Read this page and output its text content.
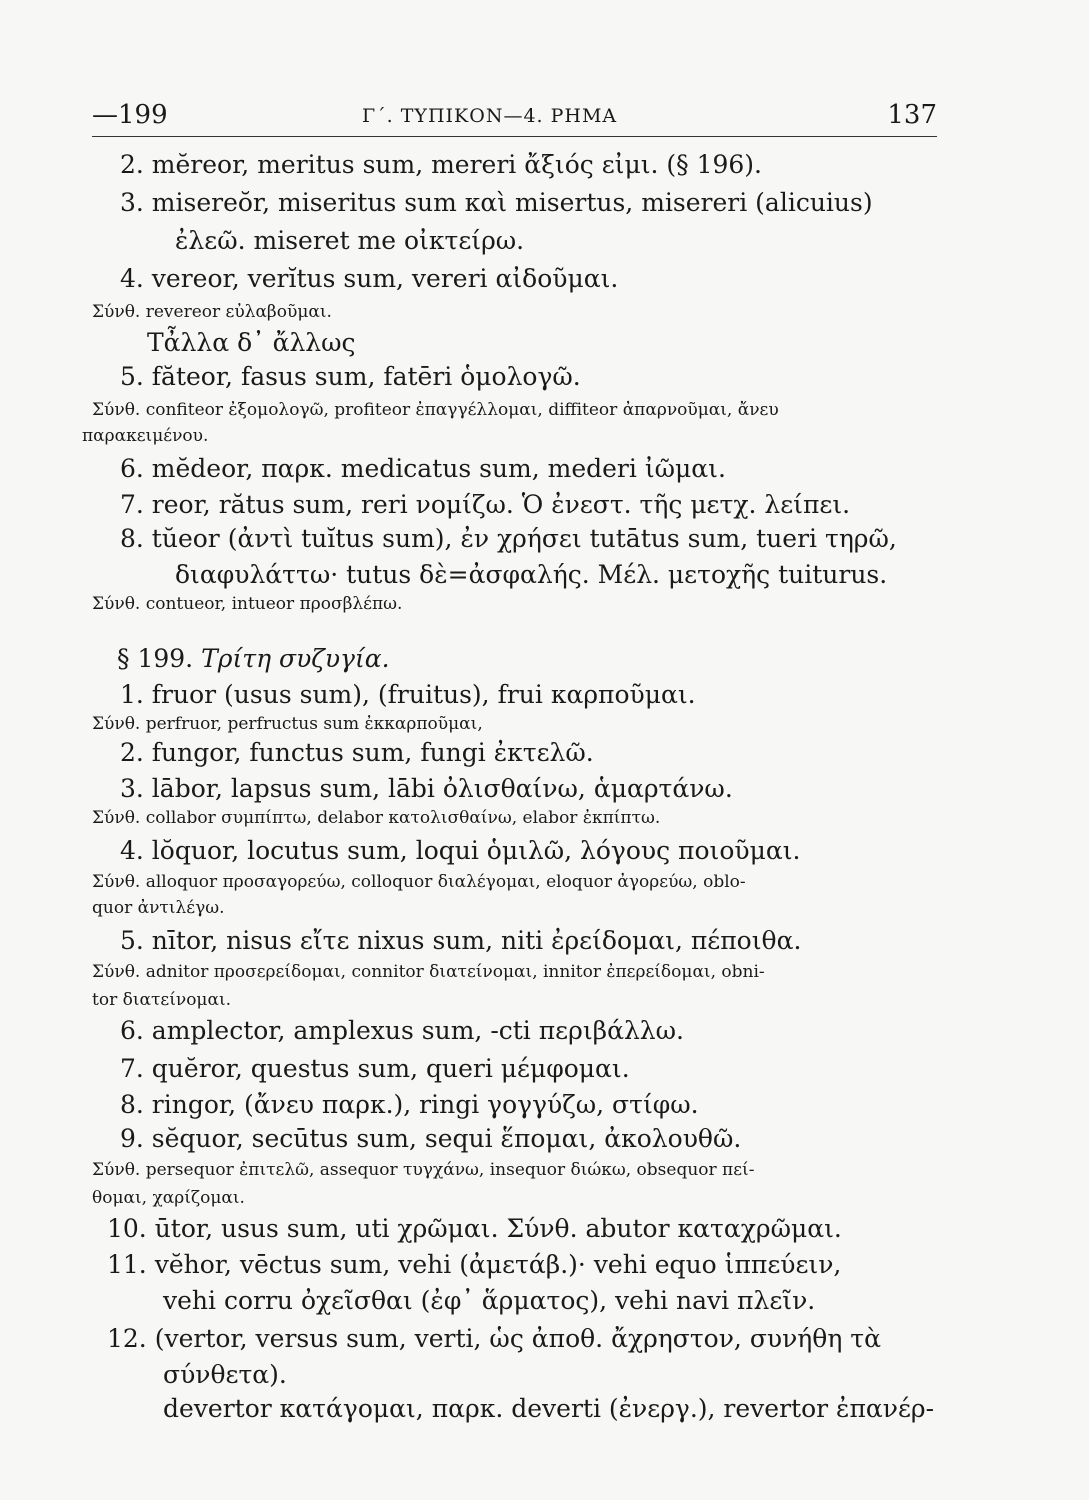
—199	Γ΄. ΤΥΠΙΚΟΝ—4. ΡΗΜΑ	137
2. mĕreor, meritus sum, mereri ἄξιός εἰμι. (§ 196).
3. misereŏr, miseritus sum καὶ misertus, misereri (alicuius)
ἐλεῶ. miseret me οἰκτείρω.
4. vereor, verĭtus sum, vereri αἰδοῦμαι.
Σύνθ. revereor εὐλαβοῦμαι.
Τἆλλα δ᾽ ἄλλως
5. făteor, fasus sum, fatēri ὁμολογῶ.
Σύνθ. confiteor ἐξομολογῶ, profiteor ἐπαγγέλλομαι, diffiteor ἀπαρνοῦμαι, ἄνευ
παρακειμένου.
6. mĕdeor, παρκ. medicatus sum, mederi ἰῶμαι.
7. reor, rătus sum, reri νομίζω. Ὁ ἐνεστ. τῆς μετχ. λείπει.
8. tŭeor (ἀντὶ tuĭtus sum), ἐν χρήσει tutātus sum, tueri τηρῶ,
διαφυλάττω· tutus δὲ=ἀσφαλής. Μέλ. μετοχῆς tuiturus.
Σύνθ. contueor, intueor προσβλέπω.
§ 199. Τρίτη συζυγία.
1. fruor (usus sum), (fruitus), frui καρποῦμαι.
Σύνθ. perfruor, perfructus sum ἐκκαρποῦμαι,
2. fungor, functus sum, fungi ἐκτελῶ.
3. lābor, lapsus sum, lābi ὀλισθαίνω, ἁμαρτάνω.
Σύνθ. collabor συμπίπτω, delabor κατολισθαίνω, elabor ἐκπίπτω.
4. lŏquor, locutus sum, loqui ὁμιλῶ, λόγους ποιοῦμαι.
Σύνθ. alloquor προσαγορεύω, colloquor διαλέγομαι, eloquor ἀγορεύω, oblo-
quor ἀντιλέγω.
5. nītor, nisus εἴτε nixus sum, niti ἐρείδομαι, πέποιθα.
Σύνθ. adnitor προσερείδομαι, connitor διατείνομαι, innitor ἐπερείδομαι, obni-
tor διατείνομαι.
6. amplector, amplexus sum, -cti περιβάλλω.
7. quĕror, questus sum, queri μέμφομαι.
8. ringor, (ἄνευ παρκ.), ringi γογγύζω, στίφω.
9. sĕquor, secūtus sum, sequi ἕπομαι, ἀκολουθῶ.
Σύνθ. persequor ἐπιτελῶ, assequor τυγχάνω, insequor διώκω, obsequor πεί-
θομαι, χαρίζομαι.
10. ūtor, usus sum, uti χρῶμαι. Σύνθ. abutor καταχρῶμαι.
11. vĕhor, vēctus sum, vehi (ἀμετάβ.)· vehi equo ἱππεύειν,
vehi corru ὀχεῖσθαι (ἐφ᾽ ἅρματος), vehi navi πλεῖν.
12. (vertor, versus sum, verti, ὡς ἀποθ. ἄχρηστον, συνήθη τὰ
σύνθετα).
devertor κατάγομαι, παρκ. deverti (ἐνεργ.), revertor ἐπανέρ-
